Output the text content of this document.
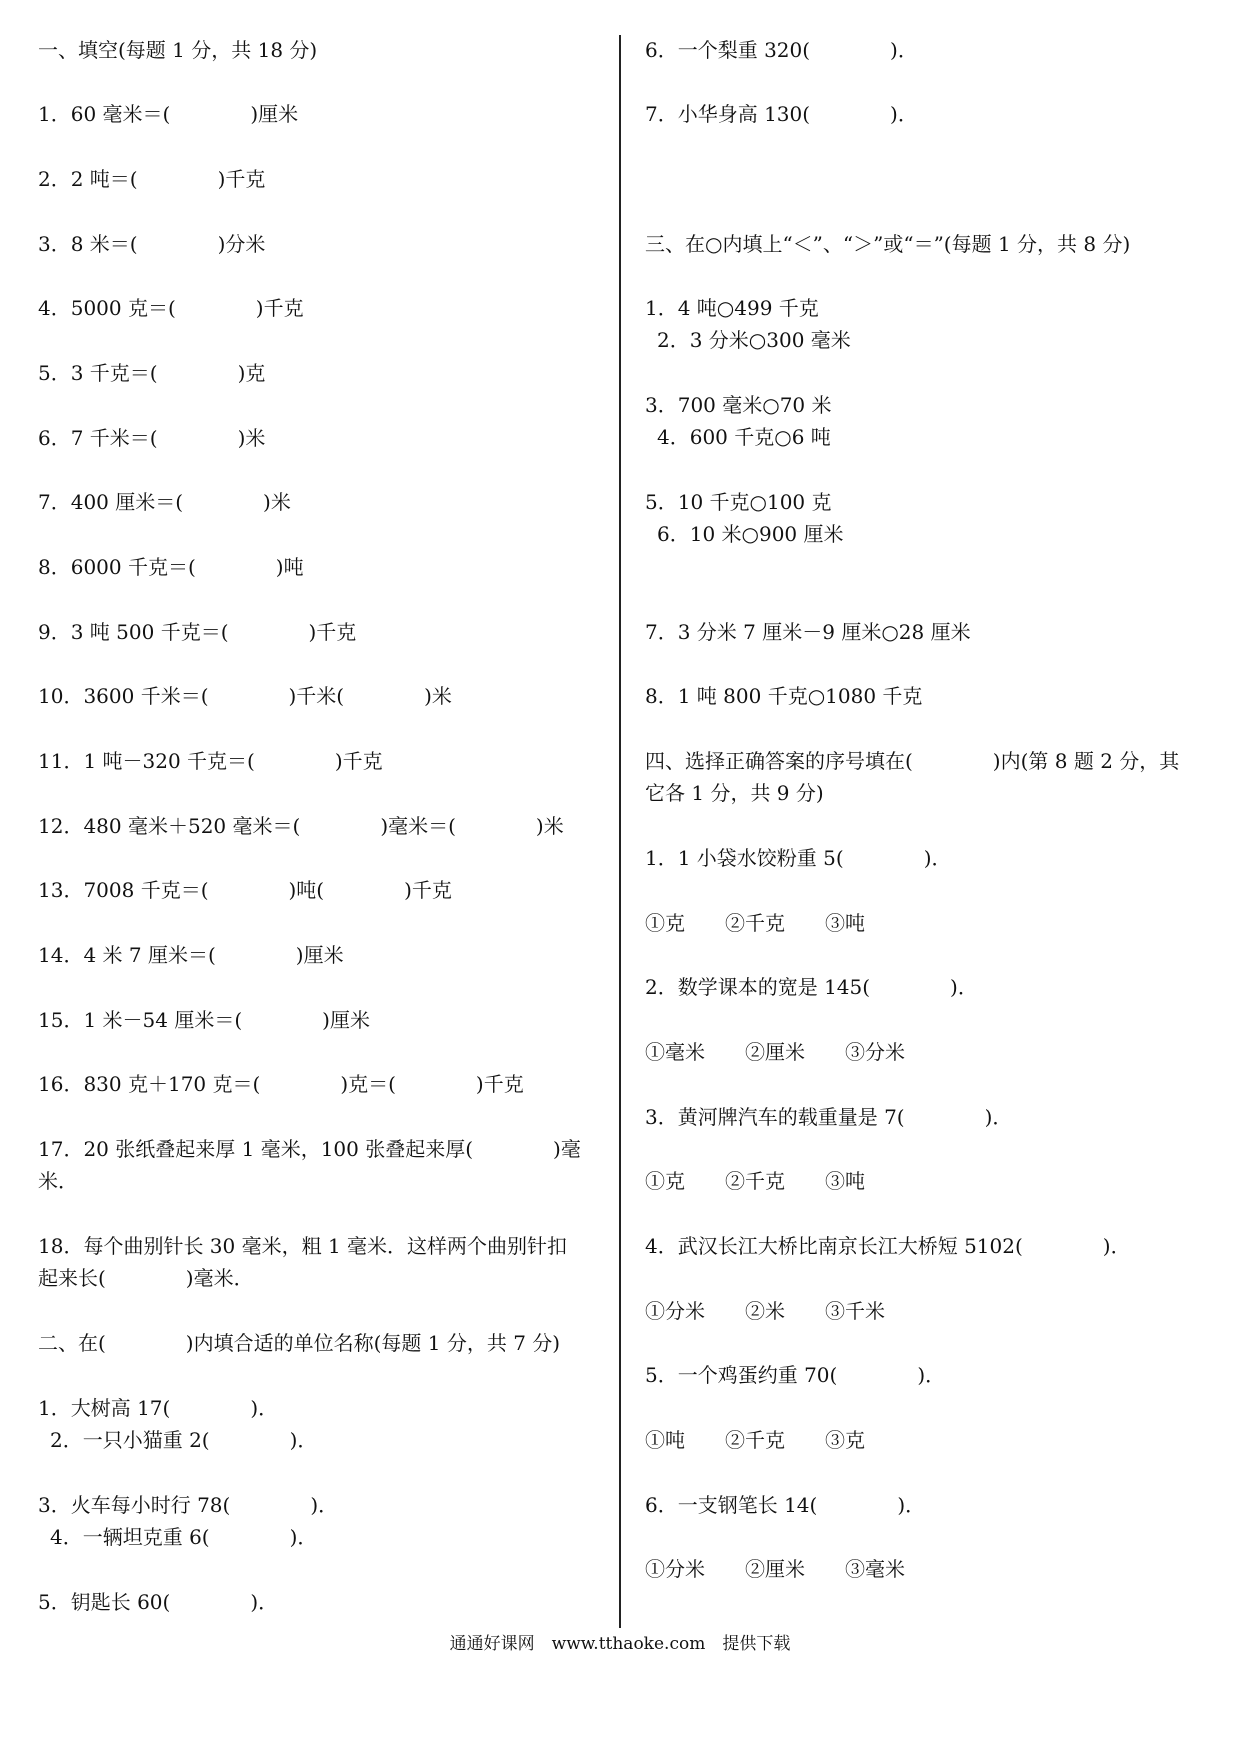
一、填空(每题 1 分，共 18 分)
1．60 毫米＝(　　　　)厘米
2．2 吨＝(　　　　)千克
3．8 米＝(　　　　)分米
4．5000 克＝(　　　　)千克
5．3 千克＝(　　　　)克
6．7 千米＝(　　　　)米
7．400 厘米＝(　　　　)米
8．6000 千克＝(　　　　)吨
9．3 吨 500 千克＝(　　　　)千克
10．3600 千米＝(　　　　)千米(　　　　)米
11．1 吨－320 千克＝(　　　　)千克
12．480 毫米＋520 毫米＝(　　　　)毫米＝(　　　　)米
13．7008 千克＝(　　　　)吨(　　　　)千克
14．4 米 7 厘米＝(　　　　)厘米
15．1 米－54 厘米＝(　　　　)厘米
16．830 克＋170 克＝(　　　　)克＝(　　　　)千克
17．20 张纸叠起来厚 1 毫米，100 张叠起来厚(　　　　)毫
米．
18．每个曲别针长 30 毫米，粗 1 毫米．这样两个曲别针扣
起来长(　　　　)毫米．
二、在(　　　　)内填合适的单位名称(每题 1 分，共 7 分)
1．大树高 17(　　　　)．
2．一只小猫重 2(　　　　)．
3．火车每小时行 78(　　　　)．
4．一辆坦克重 6(　　　　)．
5．钥匙长 60(　　　　)．
6．一个梨重 320(　　　　)．
7．小华身高 130(　　　　)．
三、在○内填上“＜”、“＞”或“＝”(每题 1 分，共 8 分)
1．4 吨○499 千克
2．3 分米○300 毫米
3．700 毫米○70 米
4．600 千克○6 吨
5．10 千克○100 克
6．10 米○900 厘米
7．3 分米 7 厘米－9 厘米○28 厘米
8．1 吨 800 千克○1080 千克
四、选择正确答案的序号填在(　　　　)内(第 8 题 2 分，其
它各 1 分，共 9 分)
1．1 小袋水饺粉重 5(　　　　)．
①克　　②千克　　③吨
2．数学课本的宽是 145(　　　　)．
①毫米　　②厘米　　③分米
3．黄河牌汽车的载重量是 7(　　　　)．
①克　　②千克　　③吨
4．武汉长江大桥比南京长江大桥短 5102(　　　　)．
①分米　　②米　　③千米
5．一个鸡蛋约重 70(　　　　)．
①吨　　②千克　　③克
6．一支钢笔长 14(　　　　)．
①分米　　②厘米　　③毫米
通通好课网　www.tthaoke.com　提供下载
